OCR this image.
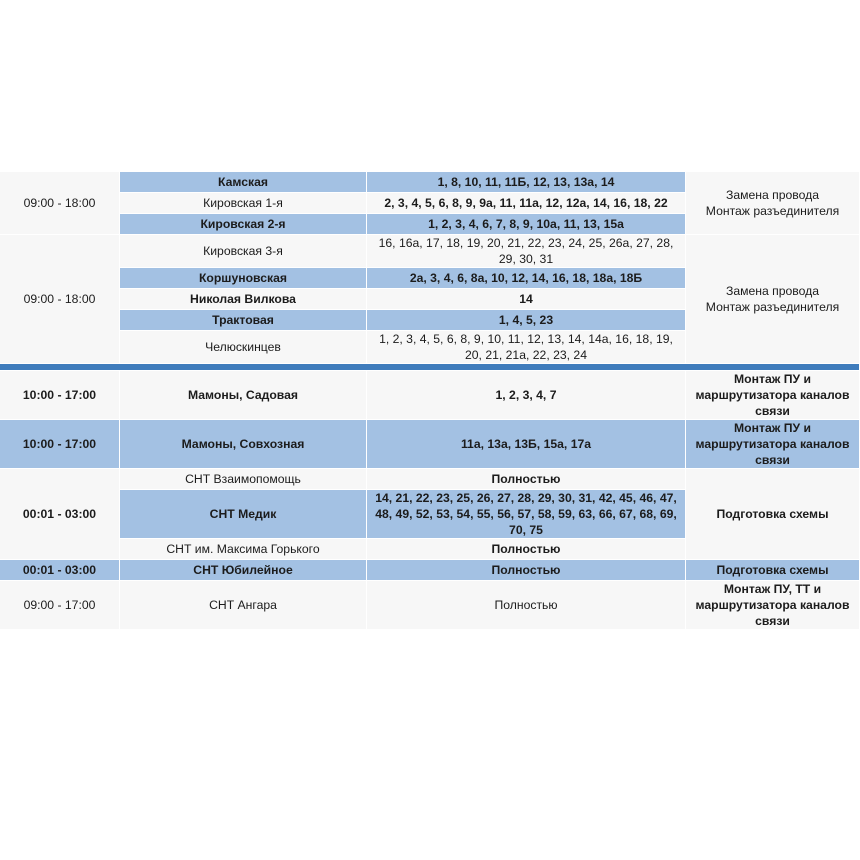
09:00 - 18:00	Камская	1, 8, 10, 11, 11Б, 12, 13, 13а, 14	Замена провода
Монтаж разъединителя

	Кировская 1-я	2, 3, 4, 5, 6, 8, 9, 9а, 11, 11а, 12, 12а, 14, 16, 18, 22	
	Кировская 2-я	1, 2, 3, 4, 6, 7, 8, 9, 10а, 11, 13, 15а	
09:00 - 18:00	Кировская 3-я	16, 16а, 17, 18, 19, 20, 21, 22, 23, 24, 25, 26а, 27, 28, 29, 30, 31	Замена провода
Монтаж разъединителя

	Коршуновская	2а, 3, 4, 6, 8а, 10, 12, 14, 16, 18, 18а, 18Б	
	Николая Вилкова	14	
	Трактовая	1, 4, 5, 23	
	Челюскинцев	1, 2, 3, 4, 5, 6, 8, 9, 10, 11, 12, 13, 14, 14а, 16, 18, 19, 20, 21, 21а, 22, 23, 24	

10:00 - 17:00	Мамоны, Садовая	1, 2, 3, 4, 7	Монтаж ПУ и маршрутизатора каналов связи
10:00 - 17:00	Мамоны, Совхозная	11а, 13а, 13Б, 15а, 17а	Монтаж ПУ и маршрутизатора каналов связи
00:01 - 03:00	СНТ Взаимопомощь	Полностью	Подготовка схемы
	СНТ Медик	14, 21, 22, 23, 25, 26, 27, 28, 29, 30, 31, 42, 45, 46, 47, 48, 49, 52, 53, 54, 55, 56, 57, 58, 59, 63, 66, 67, 68, 69, 70, 75	
	СНТ им. Максима Горького	Полностью	
00:01 - 03:00	СНТ Юбилейное	Полностью	Подготовка схемы
09:00 - 17:00	СНТ Ангара	Полностью	Монтаж ПУ, ТТ и маршрутизатора каналов связи
